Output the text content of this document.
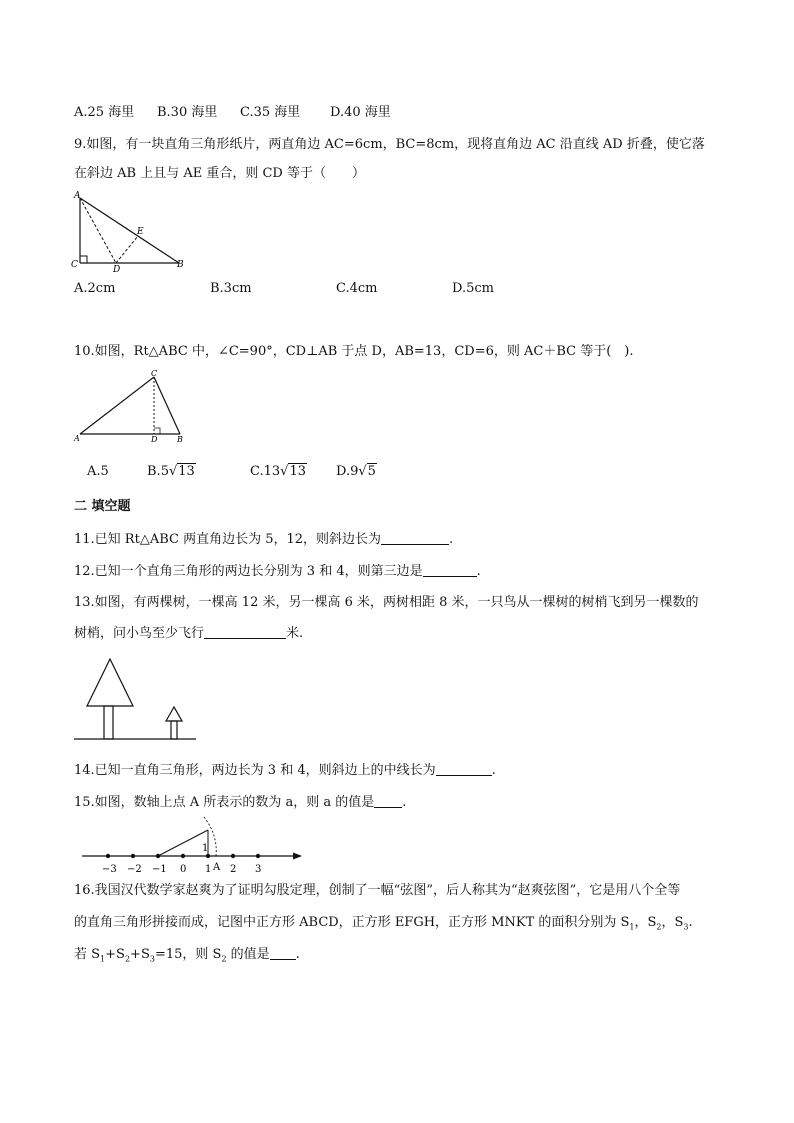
A.25 海里 B.30 海里 C.35 海里 D.40 海里
9.如图，有一块直角三角形纸片，两直角边 AC=6cm，BC=8cm，现将直角边 AC 沿直线 AD 折叠，使它落
在斜边 AB 上且与 AE 重合，则 CD 等于（　　）
A
C	D
E
B
A.2cm	B.3cm	C.4cm	D.5cm
10.如图，Rt△ABC 中，∠C=90°，CD⊥AB 于点 D，AB=13，CD=6，则 AC＋BC 等于(　).
C
A	D B
A.5	B.5√13	C.13√13 D.9√5
二 填空题
11.已知 Rt△ABC 两直角边长为 5，12，则斜边长为	.
12.已知一个直角三角形的两边长分别为 3 和 4，则第三边是	.
13.如图，有两棵树，一棵高 12 米，另一棵高 6 米，两树相距 8 米，一只鸟从一棵树的树梢飞到另一棵数的
树梢，问小鸟至少飞行	米.
14.已知一直角三角形，两边长为 3 和 4，则斜边上的中线长为	.
15.如图，数轴上点 A 所表示的数为 a，则 a 的值是 .
−3 −2 −1 0	2 3
1
1
A
16.我国汉代数学家赵爽为了证明勾股定理，创制了一幅“弦图”，后人称其为“赵爽弦图”，它是用八个全等
的直角三角形拼接而成，记图中正方形 ABCD，正方形 EFGH，正方形 MNKT 的面积分别为 $S_1$，$S_2$，$S_3$.
若 $S_1+S_2+S_3=15$，则 $S_2$ 的值是 .
